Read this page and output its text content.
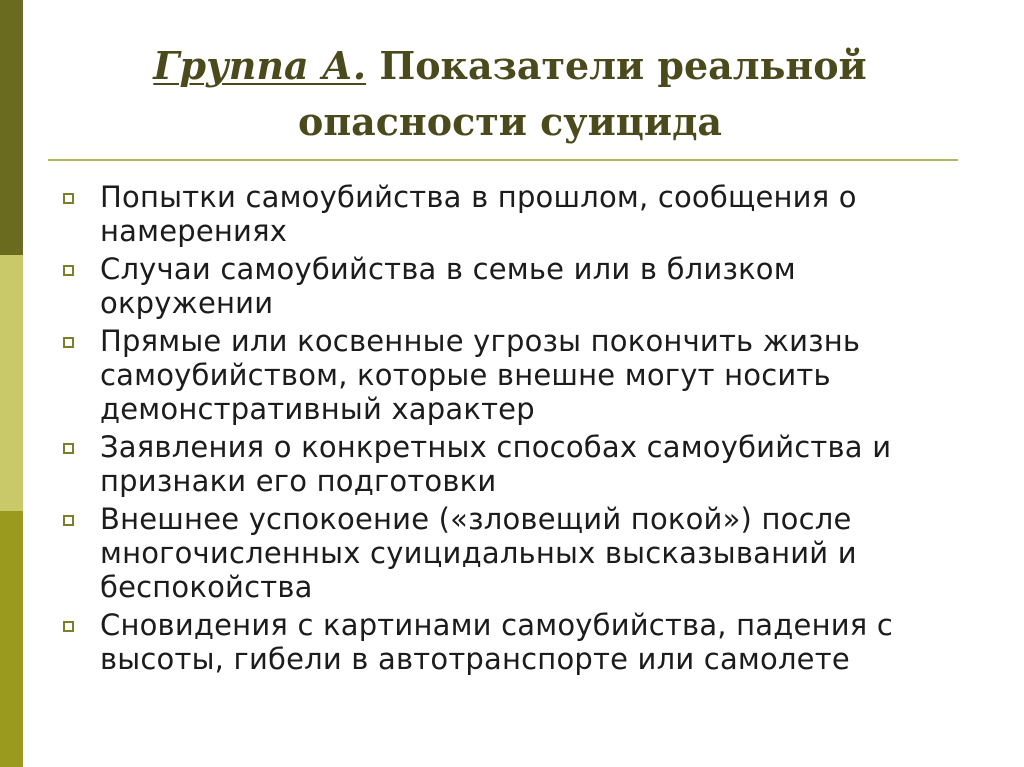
Группа А. Показатели реальной опасности суицида
Попытки самоубийства в прошлом, сообщения о намерениях
Случаи самоубийства в семье или в близком окружении
Прямые или косвенные угрозы покончить жизнь самоубийством, которые внешне могут носить демонстративный характер
Заявления о конкретных способах самоубийства и признаки его подготовки
Внешнее успокоение («зловещий покой») после многочисленных суицидальных высказываний и беспокойства
Сновидения с картинами самоубийства, падения с высоты, гибели в автотранспорте или самолете
